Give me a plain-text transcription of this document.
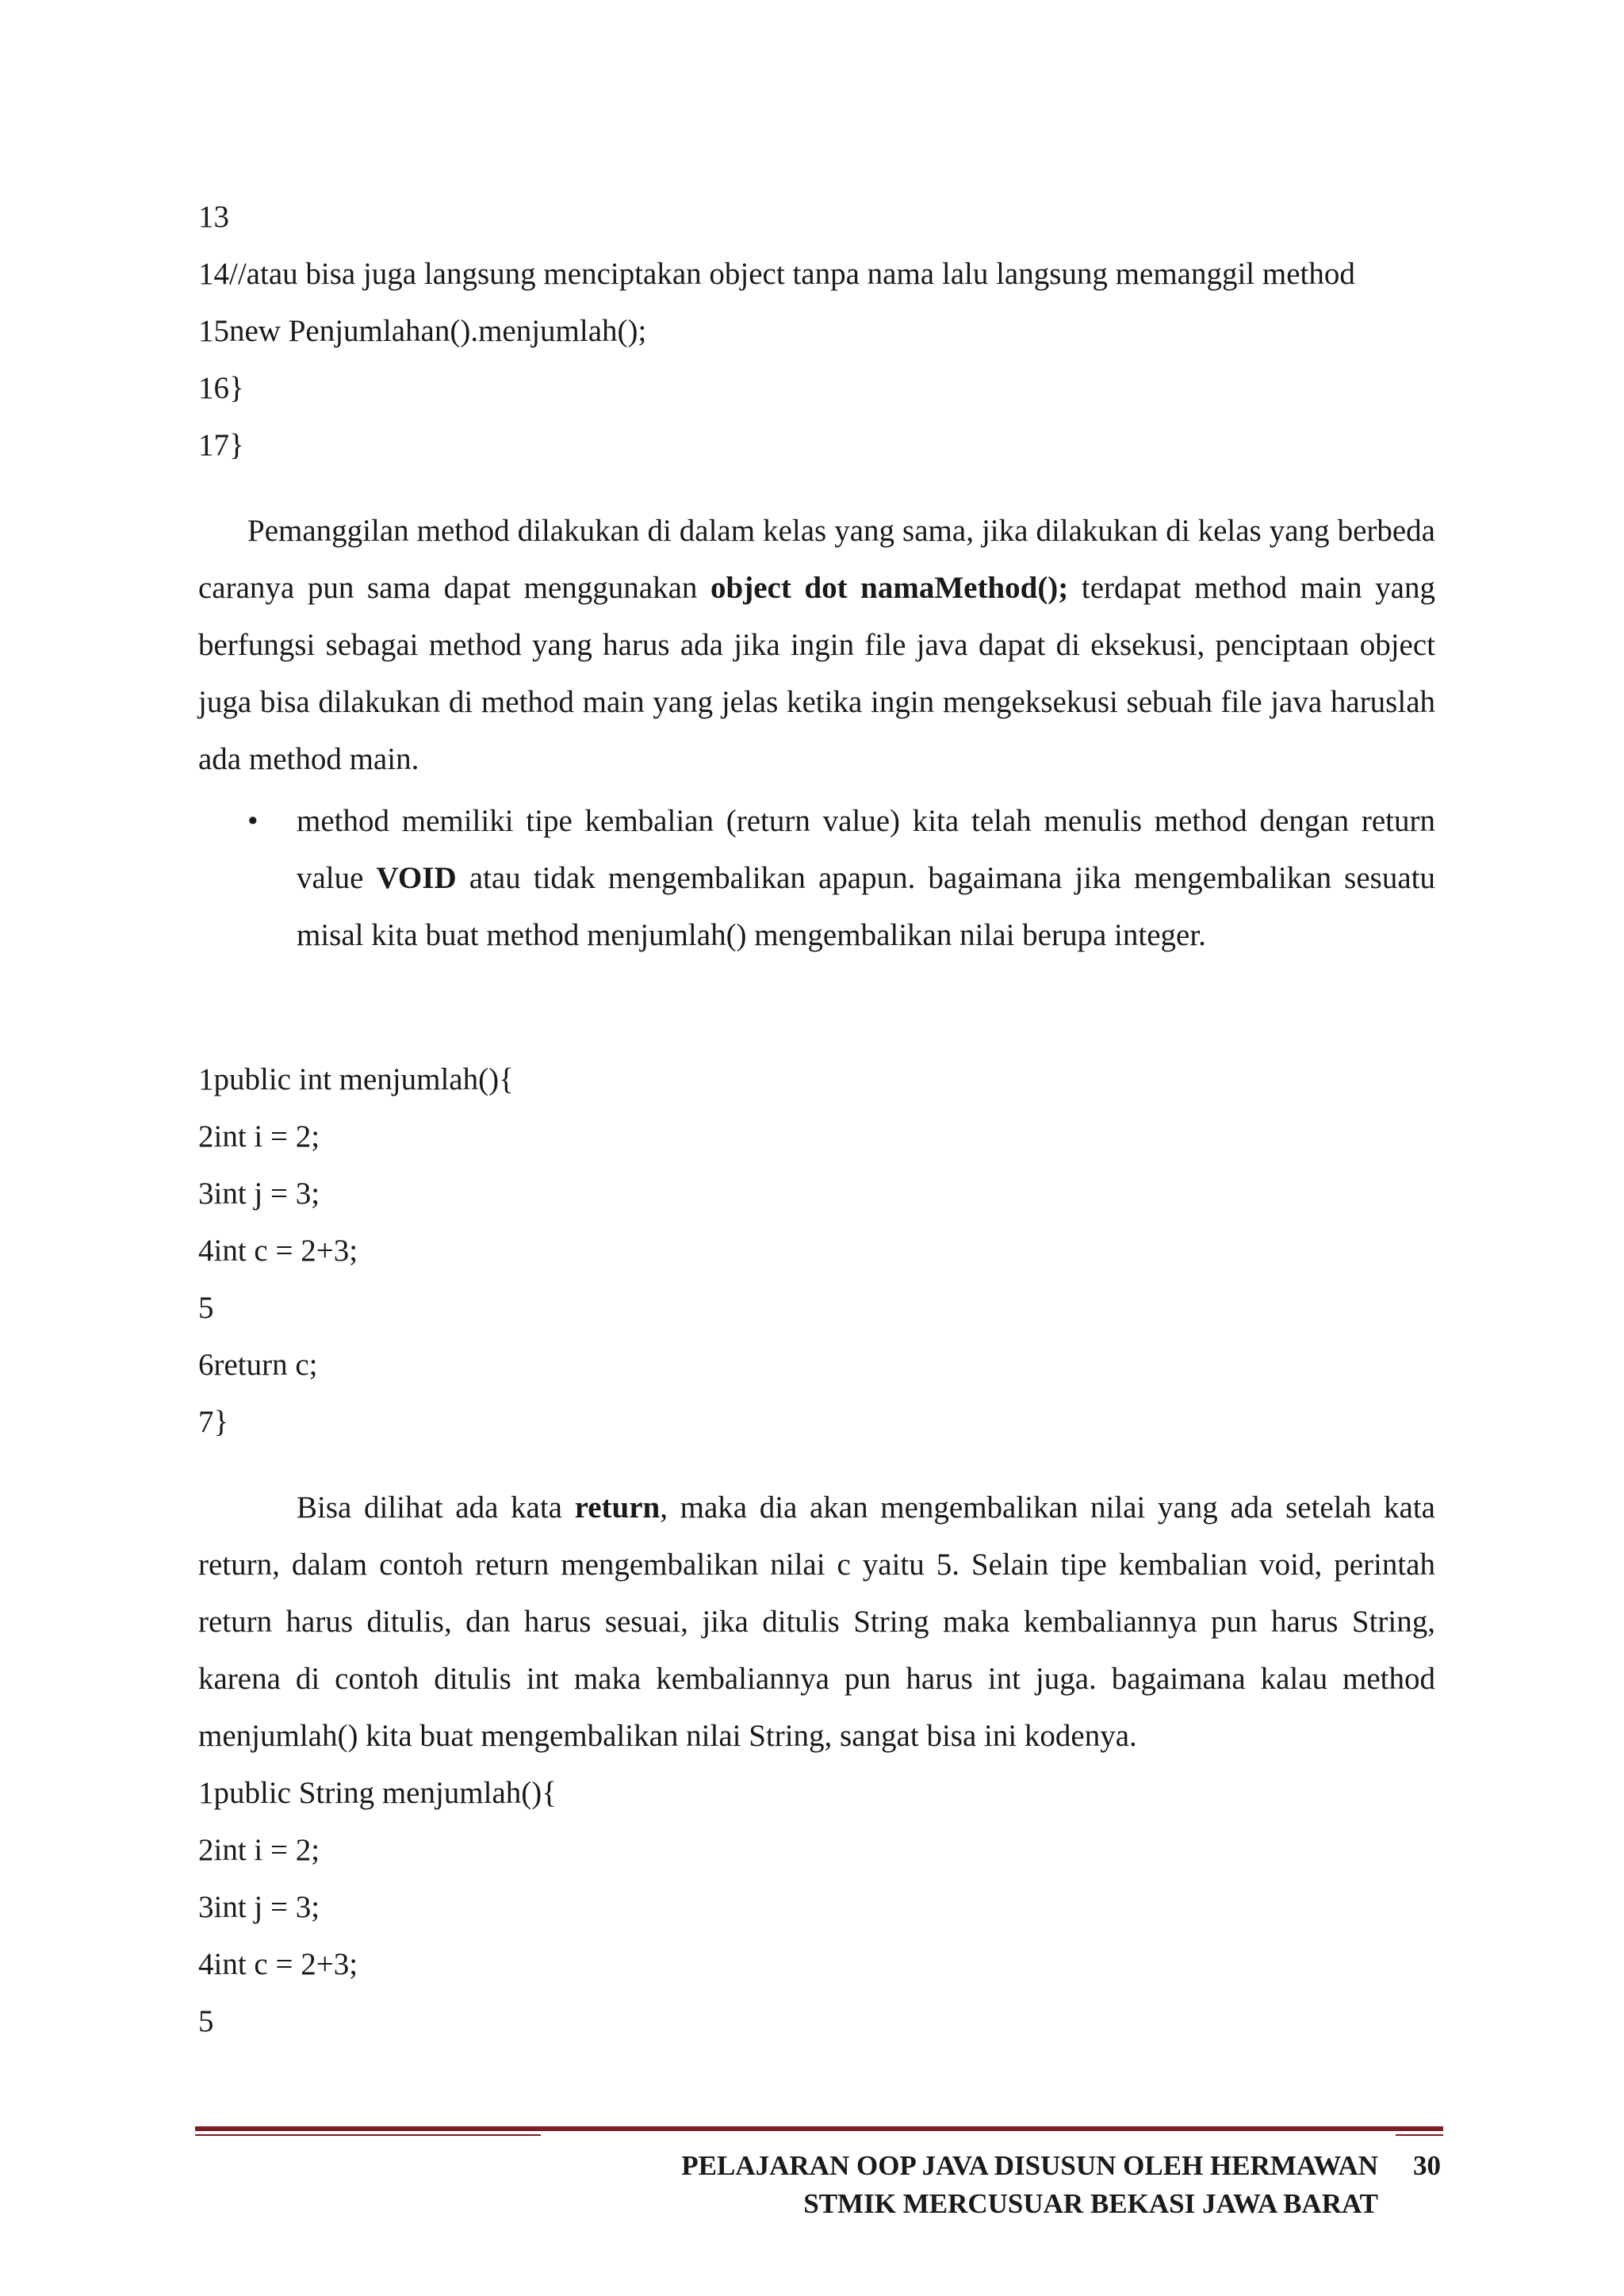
13
14//atau bisa juga langsung menciptakan object tanpa nama lalu langsung memanggil method
15new Penjumlahan().menjumlah();
16}
17}

Pemanggilan method dilakukan di dalam kelas yang sama, jika dilakukan di kelas yang berbeda caranya pun sama dapat menggunakan object dot namaMethod(); terdapat method main yang berfungsi sebagai method yang harus ada jika ingin file java dapat di eksekusi, penciptaan object juga bisa dilakukan di method main yang jelas ketika ingin mengeksekusi sebuah file java haruslah ada method main.

• method memiliki tipe kembalian (return value) kita telah menulis method dengan return value VOID atau tidak mengembalikan apapun. bagaimana jika mengembalikan sesuatu misal kita buat method menjumlah() mengembalikan nilai berupa integer.

1public int menjumlah(){
2int i = 2;
3int j = 3;
4int c = 2+3;
5
6return c;
7}

Bisa dilihat ada kata return, maka dia akan mengembalikan nilai yang ada setelah kata return, dalam contoh return mengembalikan nilai c yaitu 5. Selain tipe kembalian void, perintah return harus ditulis, dan harus sesuai, jika ditulis String maka kembaliannya pun harus String, karena di contoh ditulis int maka kembaliannya pun harus int juga. bagaimana kalau method menjumlah() kita buat mengembalikan nilai String, sangat bisa ini kodenya.

1public String menjumlah(){
2int i = 2;
3int j = 3;
4int c = 2+3;
5
PELAJARAN OOP JAVA DISUSUN OLEH HERMAWAN
STMIK MERCUSUAR BEKASI JAWA BARAT
30
